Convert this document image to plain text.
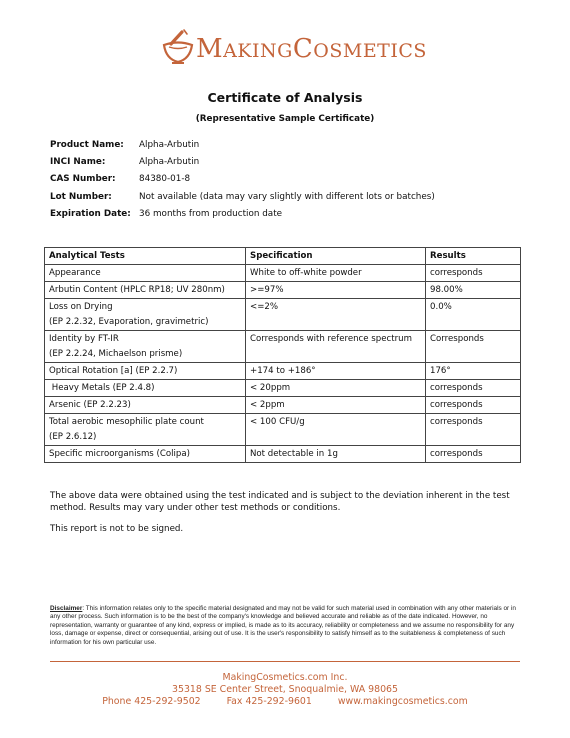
MAKINGCOSMETICS
Certificate of Analysis
(Representative Sample Certificate)
Product Name:	Alpha-Arbutin
INCI Name:	Alpha-Arbutin
CAS Number:	84380-01-8
Lot Number:	Not available (data may vary slightly with different lots or batches)
Expiration Date: 36 months from production date
Analytical Tests	Specification	Results
Appearance	White to off-white powder	corresponds
Arbutin Content (HPLC RP18; UV 280nm)	>=97%	98.00%
Loss on Drying
(EP 2.2.32, Evaporation, gravimetric)	<=2%	0.0%
Identity by FT-IR
(EP 2.2.24, Michaelson prisme)	Corresponds with reference spectrum	Corresponds
Optical Rotation [a] (EP 2.2.7)	+174 to +186°	176°
Heavy Metals (EP 2.4.8)	< 20ppm	corresponds
Arsenic (EP 2.2.23)	< 2ppm	corresponds
Total aerobic mesophilic plate count
(EP 2.6.12)	< 100 CFU/g	corresponds
Specific microorganisms (Colipa)	Not detectable in 1g	corresponds

The above data were obtained using the test indicated and is subject to the deviation inherent in the test method. Results may vary under other test methods or conditions.

This report is not to be signed.

Disclaimer: This information relates only to the specific material designated and may not be valid for such material used in combination with any other materials or in any other process. Such information is to be the best of the company's knowledge and believed accurate and reliable as of the date indicated. However, no representation, warranty or guarantee of any kind, express or implied, is made as to its accuracy, reliability or completeness and we assume no responsibility for any loss, damage or expense, direct or consequential, arising out of use. It is the user's responsibility to satisfy himself as to the suitableness & completeness of such information for his own particular use.
MakingCosmetics.com Inc.
35318 SE Center Street, Snoqualmie, WA 98065
Phone 425-292-9502	Fax 425-292-9601	www.makingcosmetics.com
